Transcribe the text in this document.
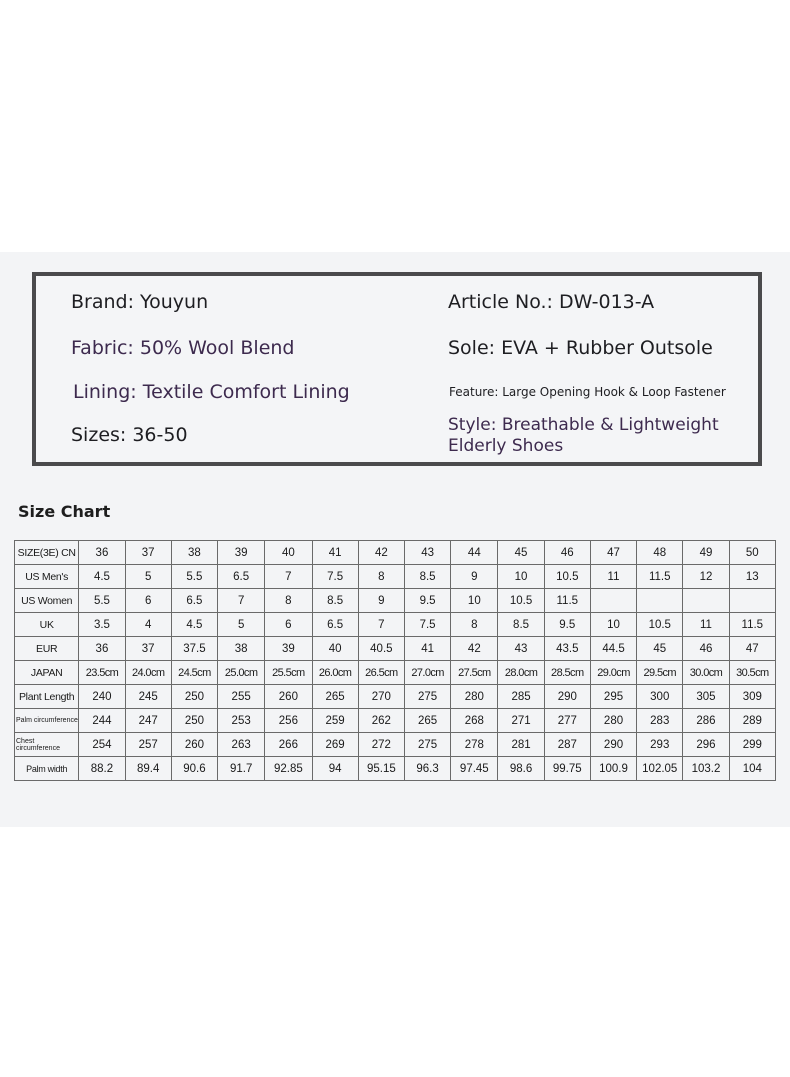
Brand: Youyun	Article No.: DW-013-A
Fabric: 50% Wool Blend	Sole: EVA + Rubber Outsole
Lining: Textile Comfort Lining	Feature: Large Opening Hook & Loop Fastener
Sizes: 36-50	Style: Breathable & Lightweight
Elderly Shoes
Size Chart
SIZE(3E) CN	36	37	38	39	40	41	42	43	44	45	46	47	48	49	50
US Men's	4.5	5	5.5	6.5	7	7.5	8	8.5	9	10	10.5	11	11.5	12	13
US Women	5.5	6	6.5	7	8	8.5	9	9.5	10	10.5	11.5				
UK	3.5	4	4.5	5	6	6.5	7	7.5	8	8.5	9.5	10	10.5	11	11.5
EUR	36	37	37.5	38	39	40	40.5	41	42	43	43.5	44.5	45	46	47
JAPAN	23.5cm	24.0cm	24.5cm	25.0cm	25.5cm	26.0cm	26.5cm	27.0cm	27.5cm	28.0cm	28.5cm	29.0cm	29.5cm	30.0cm	30.5cm
Plant Length	240	245	250	255	260	265	270	275	280	285	290	295	300	305	309
Palm circumference	244	247	250	253	256	259	262	265	268	271	277	280	283	286	289
Chest circumference	254	257	260	263	266	269	272	275	278	281	287	290	293	296	299
Palm width	88.2	89.4	90.6	91.7	92.85	94	95.15	96.3	97.45	98.6	99.75	100.9	102.05	103.2	104
